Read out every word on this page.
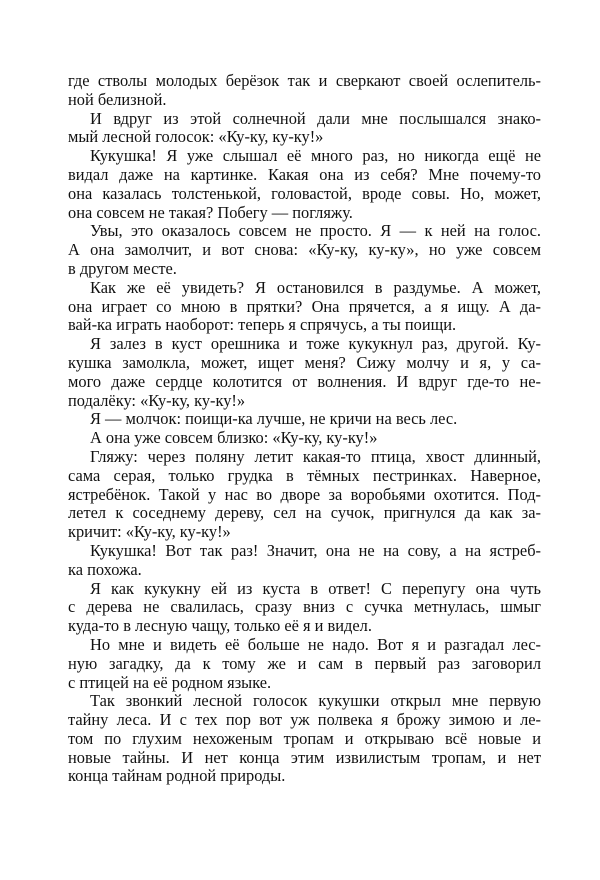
где стволы молодых берёзок так и сверкают своей ослепитель-
ной белизной.
И вдруг из этой солнечной дали мне послышался знако-
мый лесной голосок: «Ку-ку, ку-ку!»
Кукушка! Я уже слышал её много раз, но никогда ещё не
видал даже на картинке. Какая она из себя? Мне почему-то
она казалась толстенькой, головастой, вроде совы. Но, может,
она совсем не такая? Побегу — погляжу.
Увы, это оказалось совсем не просто. Я — к ней на голос.
А она замолчит, и вот снова: «Ку-ку, ку-ку», но уже совсем
в другом месте.
Как же её увидеть? Я остановился в раздумье. А может,
она играет со мною в прятки? Она прячется, а я ищу. А да-
вай-ка играть наоборот: теперь я спрячусь, а ты поищи.
Я залез в куст орешника и тоже кукукнул раз, другой. Ку-
кушка замолкла, может, ищет меня? Сижу молчу и я, у са-
мого даже сердце колотится от волнения. И вдруг где-то не-
подалёку: «Ку-ку, ку-ку!»
Я — молчок: поищи-ка лучше, не кричи на весь лес.
А она уже совсем близко: «Ку-ку, ку-ку!»
Гляжу: через поляну летит какая-то птица, хвост длинный,
сама серая, только грудка в тёмных пестринках. Наверное,
ястребёнок. Такой у нас во дворе за воробьями охотится. Под-
летел к соседнему дереву, сел на сучок, пригнулся да как за-
кричит: «Ку-ку, ку-ку!»
Кукушка! Вот так раз! Значит, она не на сову, а на ястреб-
ка похожа.
Я как кукукну ей из куста в ответ! С перепугу она чуть
с дерева не свалилась, сразу вниз с сучка метнулась, шмыг
куда-то в лесную чащу, только её я и видел.
Но мне и видеть её больше не надо. Вот я и разгадал лес-
ную загадку, да к тому же и сам в первый раз заговорил
с птицей на её родном языке.
Так звонкий лесной голосок кукушки открыл мне первую
тайну леса. И с тех пор вот уж полвека я брожу зимою и ле-
том по глухим нехоженым тропам и открываю всё новые и
новые тайны. И нет конца этим извилистым тропам, и нет
конца тайнам родной природы.
